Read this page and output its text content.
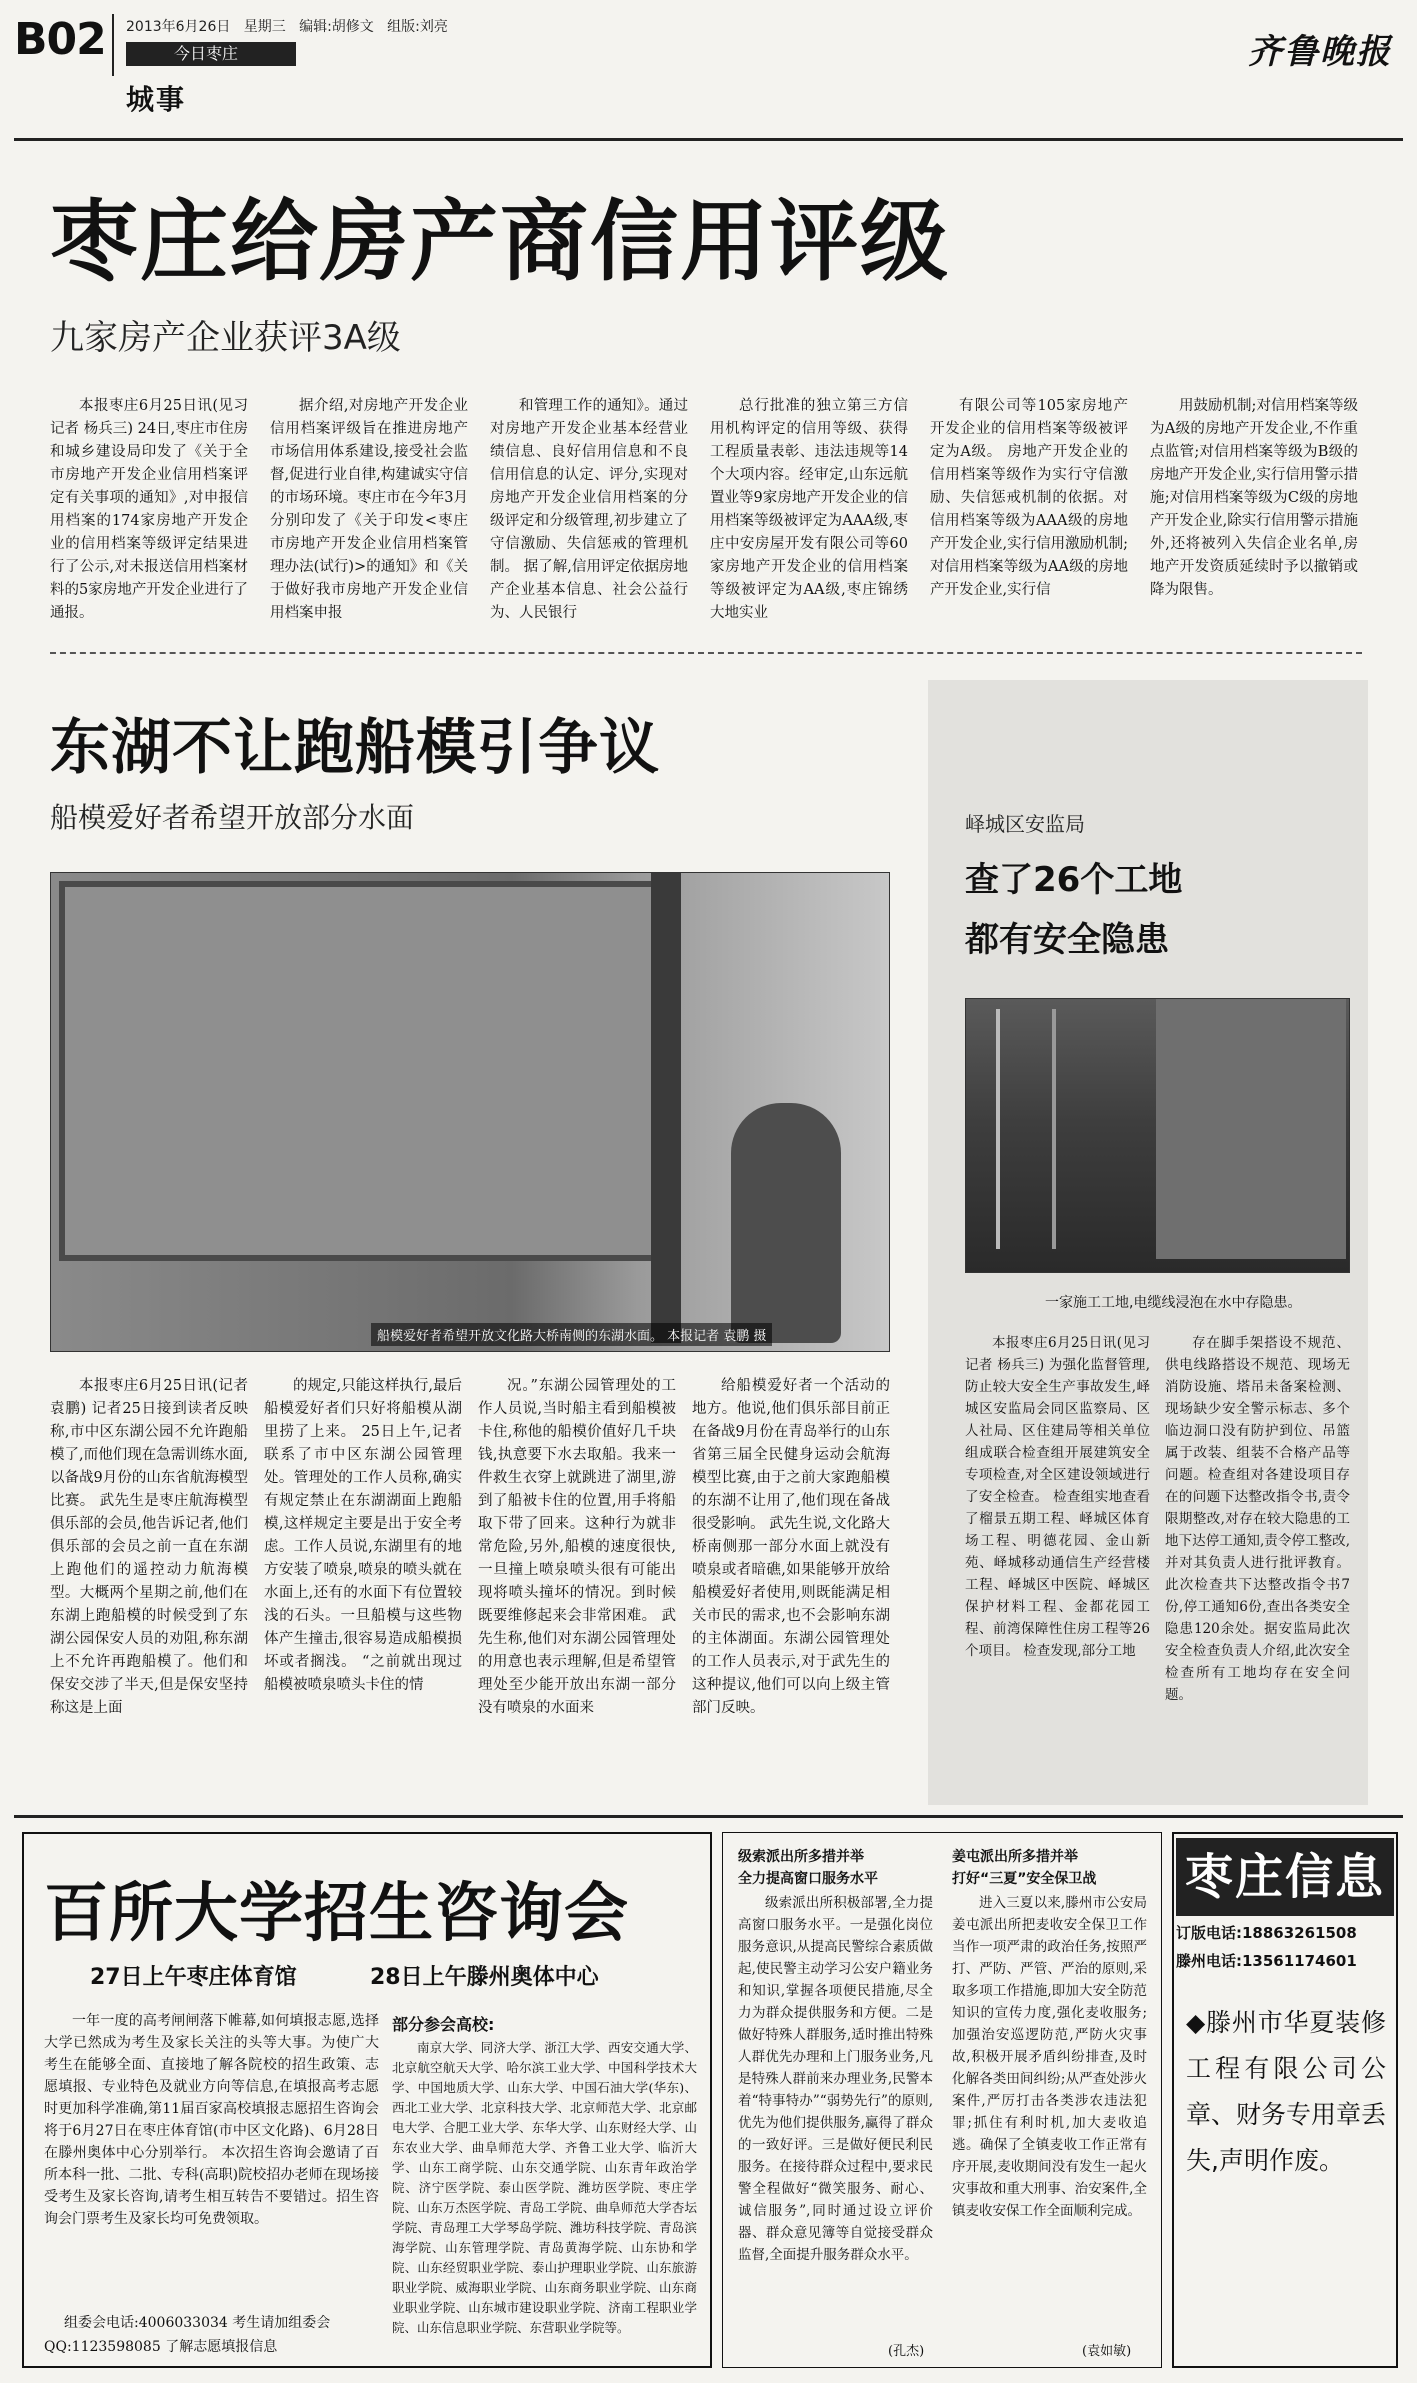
B02 2013年6月26日 星期三 编辑:胡修文 组版:刘亮
今日枣庄
城事
齐鲁晚报
枣庄给房产商信用评级
九家房产企业获评3A级

本报枣庄6月25日讯(见习记者 杨兵三) 24日,枣庄市住房和城乡建设局印发了《关于全市房地产开发企业信用档案评定有关事项的通知》,对申报信用档案的174家房地产开发企业的信用档案等级评定结果进行了公示,对未报送信用档案材料的5家房地产开发企业进行了通报。

据介绍,对房地产开发企业信用档案评级旨在推进房地产市场信用体系建设,接受社会监督,促进行业自律,构建诚实守信的市场环境。枣庄市在今年3月分别印发了《关于印发<枣庄市房地产开发企业信用档案管理办法(试行)>的通知》和《关于做好我市房地产开发企业信用档案申报

和管理工作的通知》。通过对房地产开发企业基本经营业绩信息、良好信用信息和不良信用信息的认定、评分,实现对房地产开发企业信用档案的分级评定和分级管理,初步建立了守信激励、失信惩戒的管理机制。 据了解,信用评定依据房地产企业基本信息、社会公益行为、人民银行

总行批准的独立第三方信用机构评定的信用等级、获得工程质量表彰、违法违规等14个大项内容。经审定,山东远航置业等9家房地产开发企业的信用档案等级被评定为AAA级,枣庄中安房屋开发有限公司等60家房地产开发企业的信用档案等级被评定为AA级,枣庄锦绣大地实业

有限公司等105家房地产开发企业的信用档案等级被评定为A级。 房地产开发企业的信用档案等级作为实行守信激励、失信惩戒机制的依据。对信用档案等级为AAA级的房地产开发企业,实行信用激励机制;对信用档案等级为AA级的房地产开发企业,实行信

用鼓励机制;对信用档案等级为A级的房地产开发企业,不作重点监管;对信用档案等级为B级的房地产开发企业,实行信用警示措施;对信用档案等级为C级的房地产开发企业,除实行信用警示措施外,还将被列入失信企业名单,房地产开发资质延续时予以撤销或降为限售。

东湖不让跑船模引争议
船模爱好者希望开放部分水面
船模爱好者希望开放文化路大桥南侧的东湖水面。 本报记者 袁鹏 摄

本报枣庄6月25日讯(记者 袁鹏) 记者25日接到读者反映称,市中区东湖公园不允许跑船模了,而他们现在急需训练水面,以备战9月份的山东省航海模型比赛。 武先生是枣庄航海模型俱乐部的会员,他告诉记者,他们俱乐部的会员之前一直在东湖上跑他们的遥控动力航海模型。大概两个星期之前,他们在东湖上跑船模的时候受到了东湖公园保安人员的劝阻,称东湖上不允许再跑船模了。他们和保安交涉了半天,但是保安坚持称这是上面

的规定,只能这样执行,最后船模爱好者们只好将船模从湖里捞了上来。 25日上午,记者联系了市中区东湖公园管理处。管理处的工作人员称,确实有规定禁止在东湖湖面上跑船模,这样规定主要是出于安全考虑。工作人员说,东湖里有的地方安装了喷泉,喷泉的喷头就在水面上,还有的水面下有位置较浅的石头。一旦船模与这些物体产生撞击,很容易造成船模损坏或者搁浅。 “之前就出现过船模被喷泉喷头卡住的情

况。”东湖公园管理处的工作人员说,当时船主看到船模被卡住,称他的船模价值好几千块钱,执意要下水去取船。我来一件救生衣穿上就跳进了湖里,游到了船被卡住的位置,用手将船取下带了回来。这种行为就非常危险,另外,船模的速度很快,一旦撞上喷泉喷头很有可能出现将喷头撞坏的情况。到时候既要维修起来会非常困难。 武先生称,他们对东湖公园管理处的用意也表示理解,但是希望管理处至少能开放出东湖一部分没有喷泉的水面来

给船模爱好者一个活动的地方。他说,他们俱乐部目前正在备战9月份在青岛举行的山东省第三届全民健身运动会航海模型比赛,由于之前大家跑船模的东湖不让用了,他们现在备战很受影响。 武先生说,文化路大桥南侧那一部分水面上就没有喷泉或者暗礁,如果能够开放给船模爱好者使用,则既能满足相关市民的需求,也不会影响东湖的主体湖面。东湖公园管理处的工作人员表示,对于武先生的这种提议,他们可以向上级主管部门反映。

峄城区安监局
查了26个工地
都有安全隐患
一家施工工地,电缆线浸泡在水中存隐患。

本报枣庄6月25日讯(见习记者 杨兵三) 为强化监督管理,防止较大安全生产事故发生,峄城区安监局会同区监察局、区人社局、区住建局等相关单位组成联合检查组开展建筑安全专项检查,对全区建设领域进行了安全检查。 检查组实地查看了榴景五期工程、峄城区体育场工程、明德花园、金山新苑、峄城移动通信生产经营楼工程、峄城区中医院、峄城区保护材料工程、金都花园工程、前湾保障性住房工程等26个项目。 检查发现,部分工地

存在脚手架搭设不规范、供电线路搭设不规范、现场无消防设施、塔吊未备案检测、现场缺少安全警示标志、多个临边洞口没有防护到位、吊篮属于改装、组装不合格产品等问题。检查组对各建设项目存在的问题下达整改指令书,责令限期整改,对存在较大隐患的工地下达停工通知,责令停工整改,并对其负责人进行批评教育。此次检查共下达整改指令书7份,停工通知6份,查出各类安全隐患120余处。据安监局此次安全检查负责人介绍,此次安全检查所有工地均存在安全问题。

百所大学招生咨询会
27日上午枣庄体育馆	28日上午滕州奥体中心

一年一度的高考闸闸落下帷幕,如何填报志愿,选择大学已然成为考生及家长关注的头等大事。为使广大考生在能够全面、直接地了解各院校的招生政策、志愿填报、专业特色及就业方向等信息,在填报高考志愿时更加科学准确,第11届百家高校填报志愿招生咨询会将于6月27日在枣庄体育馆(市中区文化路)、6月28日在滕州奥体中心分别举行。 本次招生咨询会邀请了百所本科一批、二批、专科(高职)院校招办老师在现场接受考生及家长咨询,请考生相互转告不要错过。招生咨询会门票考生及家长均可免费领取。

组委会电话:4006033034 考生请加组委会
QQ:1123598085 了解志愿填报信息
部分参会高校:

南京大学、同济大学、浙江大学、西安交通大学、北京航空航天大学、哈尔滨工业大学、中国科学技术大学、中国地质大学、山东大学、中国石油大学(华东)、西北工业大学、北京科技大学、北京师范大学、北京邮电大学、合肥工业大学、东华大学、山东财经大学、山东农业大学、曲阜师范大学、齐鲁工业大学、临沂大学、山东工商学院、山东交通学院、山东青年政治学院、济宁医学院、泰山医学院、潍坊医学院、枣庄学院、山东万杰医学院、青岛工学院、曲阜师范大学杏坛学院、青岛理工大学琴岛学院、潍坊科技学院、青岛滨海学院、山东管理学院、青岛黄海学院、山东协和学院、山东经贸职业学院、泰山护理职业学院、山东旅游职业学院、威海职业学院、山东商务职业学院、山东商业职业学院、山东城市建设职业学院、济南工程职业学院、山东信息职业学院、东营职业学院等。

级索派出所多措并举
全力提高窗口服务水平

级索派出所积极部署,全力提高窗口服务水平。一是强化岗位服务意识,从提高民警综合素质做起,使民警主动学习公安户籍业务和知识,掌握各项便民措施,尽全力为群众提供服务和方便。二是做好特殊人群服务,适时推出特殊人群优先办理和上门服务业务,凡是特殊人群前来办理业务,民警本着“特事特办”“弱势先行”的原则,优先为他们提供服务,赢得了群众的一致好评。三是做好便民利民服务。在接待群众过程中,要求民警全程做好“微笑服务、耐心、诚信服务”,同时通过设立评价器、群众意见簿等自觉接受群众监督,全面提升服务群众水平。

(孔杰)
姜屯派出所多措并举
打好“三夏”安全保卫战

进入三夏以来,滕州市公安局姜屯派出所把麦收安全保卫工作当作一项严肃的政治任务,按照严打、严防、严管、严治的原则,采取多项工作措施,即加大安全防范知识的宣传力度,强化麦收服务;加强治安巡逻防范,严防火灾事故,积极开展矛盾纠纷排查,及时化解各类田间纠纷;从严查处涉火案件,严厉打击各类涉农违法犯罪;抓住有利时机,加大麦收追逃。确保了全镇麦收工作正常有序开展,麦收期间没有发生一起火灾事故和重大刑事、治安案件,全镇麦收安保工作全面顺利完成。

(袁如敏)
枣庄信息
订版电话:18863261508
滕州电话:13561174601
◆滕州市华夏装修工程有限公司公章、财务专用章丢失,声明作废。
